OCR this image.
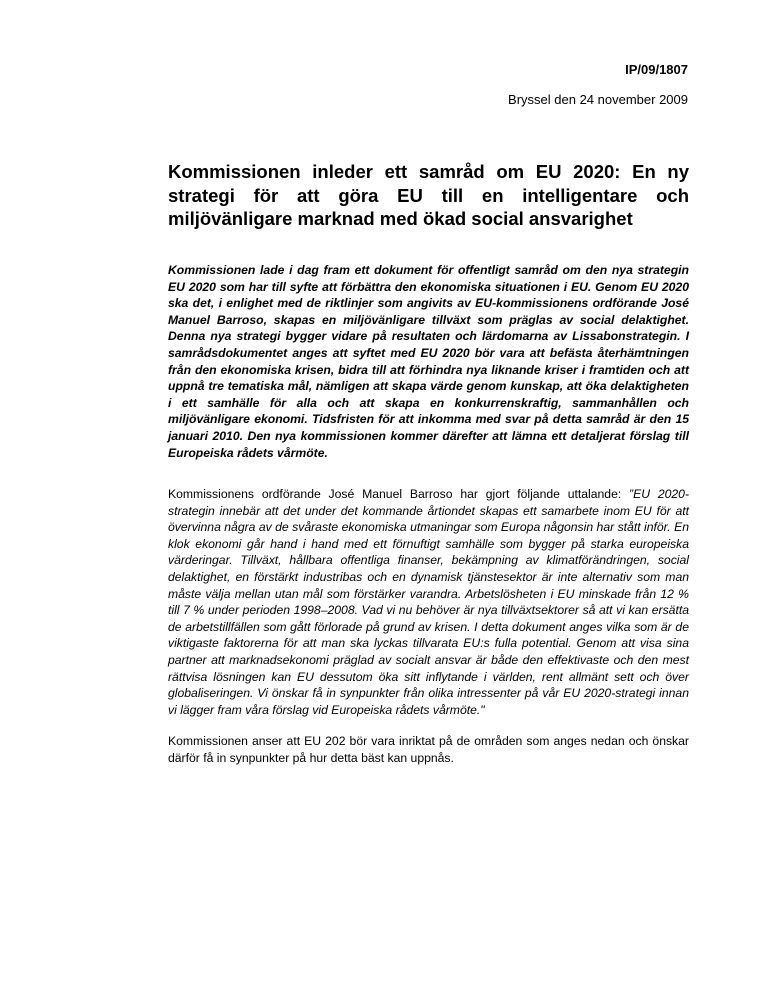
IP/09/1807
Bryssel den 24 november 2009
Kommissionen inleder ett samråd om EU 2020: En ny strategi för att göra EU till en intelligentare och miljövänligare marknad med ökad social ansvarighet

Kommissionen lade i dag fram ett dokument för offentligt samråd om den nya strategin EU 2020 som har till syfte att förbättra den ekonomiska situationen i EU. Genom EU 2020 ska det, i enlighet med de riktlinjer som angivits av EU-kommissionens ordförande José Manuel Barroso, skapas en miljövänligare tillväxt som präglas av social delaktighet. Denna nya strategi bygger vidare på resultaten och lärdomarna av Lissabonstrategin. I samrådsdokumentet anges att syftet med EU 2020 bör vara att befästa återhämtningen från den ekonomiska krisen, bidra till att förhindra nya liknande kriser i framtiden och att uppnå tre tematiska mål, nämligen att skapa värde genom kunskap, att öka delaktigheten i ett samhälle för alla och att skapa en konkurrenskraftig, sammanhållen och miljövänligare ekonomi. Tidsfristen för att inkomma med svar på detta samråd är den 15 januari 2010. Den nya kommissionen kommer därefter att lämna ett detaljerat förslag till Europeiska rådets vårmöte.

Kommissionens ordförande José Manuel Barroso har gjort följande uttalande: ”EU 2020-strategin innebär att det under det kommande årtiondet skapas ett samarbete inom EU för att övervinna några av de svåraste ekonomiska utmaningar som Europa någonsin har stått inför. En klok ekonomi går hand i hand med ett förnuftigt samhälle som bygger på starka europeiska värderingar. Tillväxt, hållbara offentliga finanser, bekämpning av klimatförändringen, social delaktighet, en förstärkt industribas och en dynamisk tjänstesektor är inte alternativ som man måste välja mellan utan mål som förstärker varandra. Arbetslösheten i EU minskade från 12 % till 7 % under perioden 1998–2008. Vad vi nu behöver är nya tillväxtsektorer så att vi kan ersätta de arbetstillfällen som gått förlorade på grund av krisen. I detta dokument anges vilka som är de viktigaste faktorerna för att man ska lyckas tillvarata EU:s fulla potential. Genom att visa sina partner att marknadsekonomi präglad av socialt ansvar är både den effektivaste och den mest rättvisa lösningen kan EU dessutom öka sitt inflytande i världen, rent allmänt sett och över globaliseringen. Vi önskar få in synpunkter från olika intressenter på vår EU 2020-strategi innan vi lägger fram våra förslag vid Europeiska rådets vårmöte."

Kommissionen anser att EU 202 bör vara inriktat på de områden som anges nedan och önskar därför få in synpunkter på hur detta bäst kan uppnås.
